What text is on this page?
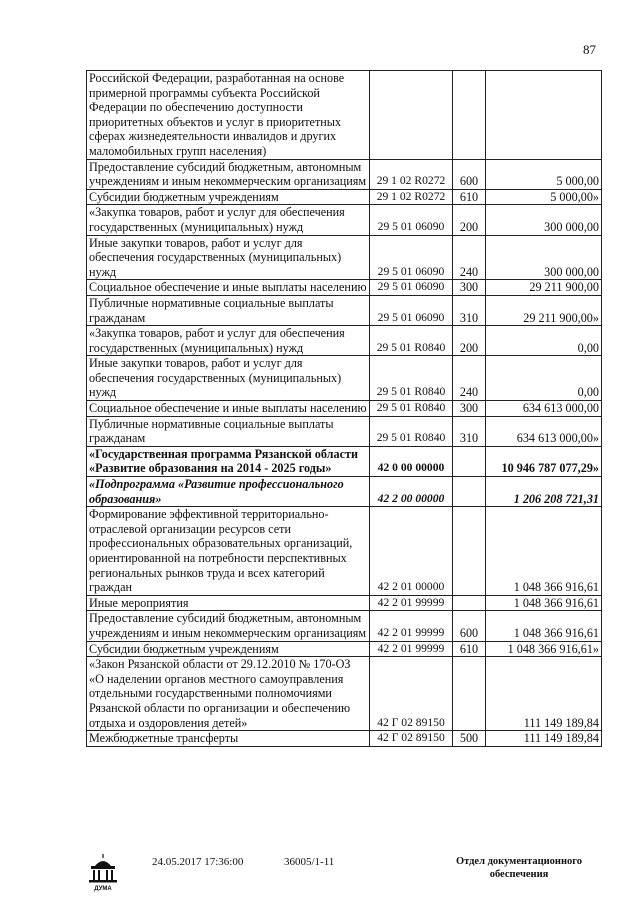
87
Российской Федерации, разработанная на основе примерной программы субъекта Российской Федерации по обеспечению доступности приоритетных объектов и услуг в приоритетных сферах жизнедеятельности инвалидов и других маломобильных групп населения)			
Предоставление субсидий бюджетным, автономным учреждениям и иным некоммерческим организациям	29 1 02 R0272	600	5 000,00
Субсидии бюджетным учреждениям	29 1 02 R0272	610	5 000,00»
«Закупка товаров, работ и услуг для обеспечения государственных (муниципальных) нужд	29 5 01 06090	200	300 000,00
Иные закупки товаров, работ и услуг для обеспечения государственных (муниципальных) нужд	29 5 01 06090	240	300 000,00
Социальное обеспечение и иные выплаты населению	29 5 01 06090	300	29 211 900,00
Публичные нормативные социальные выплаты гражданам	29 5 01 06090	310	29 211 900,00»
«Закупка товаров, работ и услуг для обеспечения государственных (муниципальных) нужд	29 5 01 R0840	200	0,00
Иные закупки товаров, работ и услуг для обеспечения государственных (муниципальных) нужд	29 5 01 R0840	240	0,00
Социальное обеспечение и иные выплаты населению	29 5 01 R0840	300	634 613 000,00
Публичные нормативные социальные выплаты гражданам	29 5 01 R0840	310	634 613 000,00»
«Государственная программа Рязанской области «Развитие образования на 2014 - 2025 годы»	42 0 00 00000		10 946 787 077,29»
«Подпрограмма «Развитие профессионального образования»	42 2 00 00000		1 206 208 721,31
Формирование эффективной территориально-отраслевой организации ресурсов сети профессиональных образовательных организаций, ориентированной на потребности перспективных региональных рынков труда и всех категорий граждан	42 2 01 00000		1 048 366 916,61
Иные мероприятия	42 2 01 99999		1 048 366 916,61
Предоставление субсидий бюджетным, автономным учреждениям и иным некоммерческим организациям	42 2 01 99999	600	1 048 366 916,61
Субсидии бюджетным учреждениям	42 2 01 99999	610	1 048 366 916,61»
«Закон Рязанской области от 29.12.2010 № 170-ОЗ «О наделении органов местного самоуправления отдельными государственными полномочиями Рязанской области по организации и обеспечению отдыха и оздоровления детей»	42 Г 02 89150		111 149 189,84
Межбюджетные трансферты	42 Г 02 89150	500	111 149 189,84
ДУМА
24.05.2017 17:36:00	36005/1-11	Отдел документационного
обеспечения
